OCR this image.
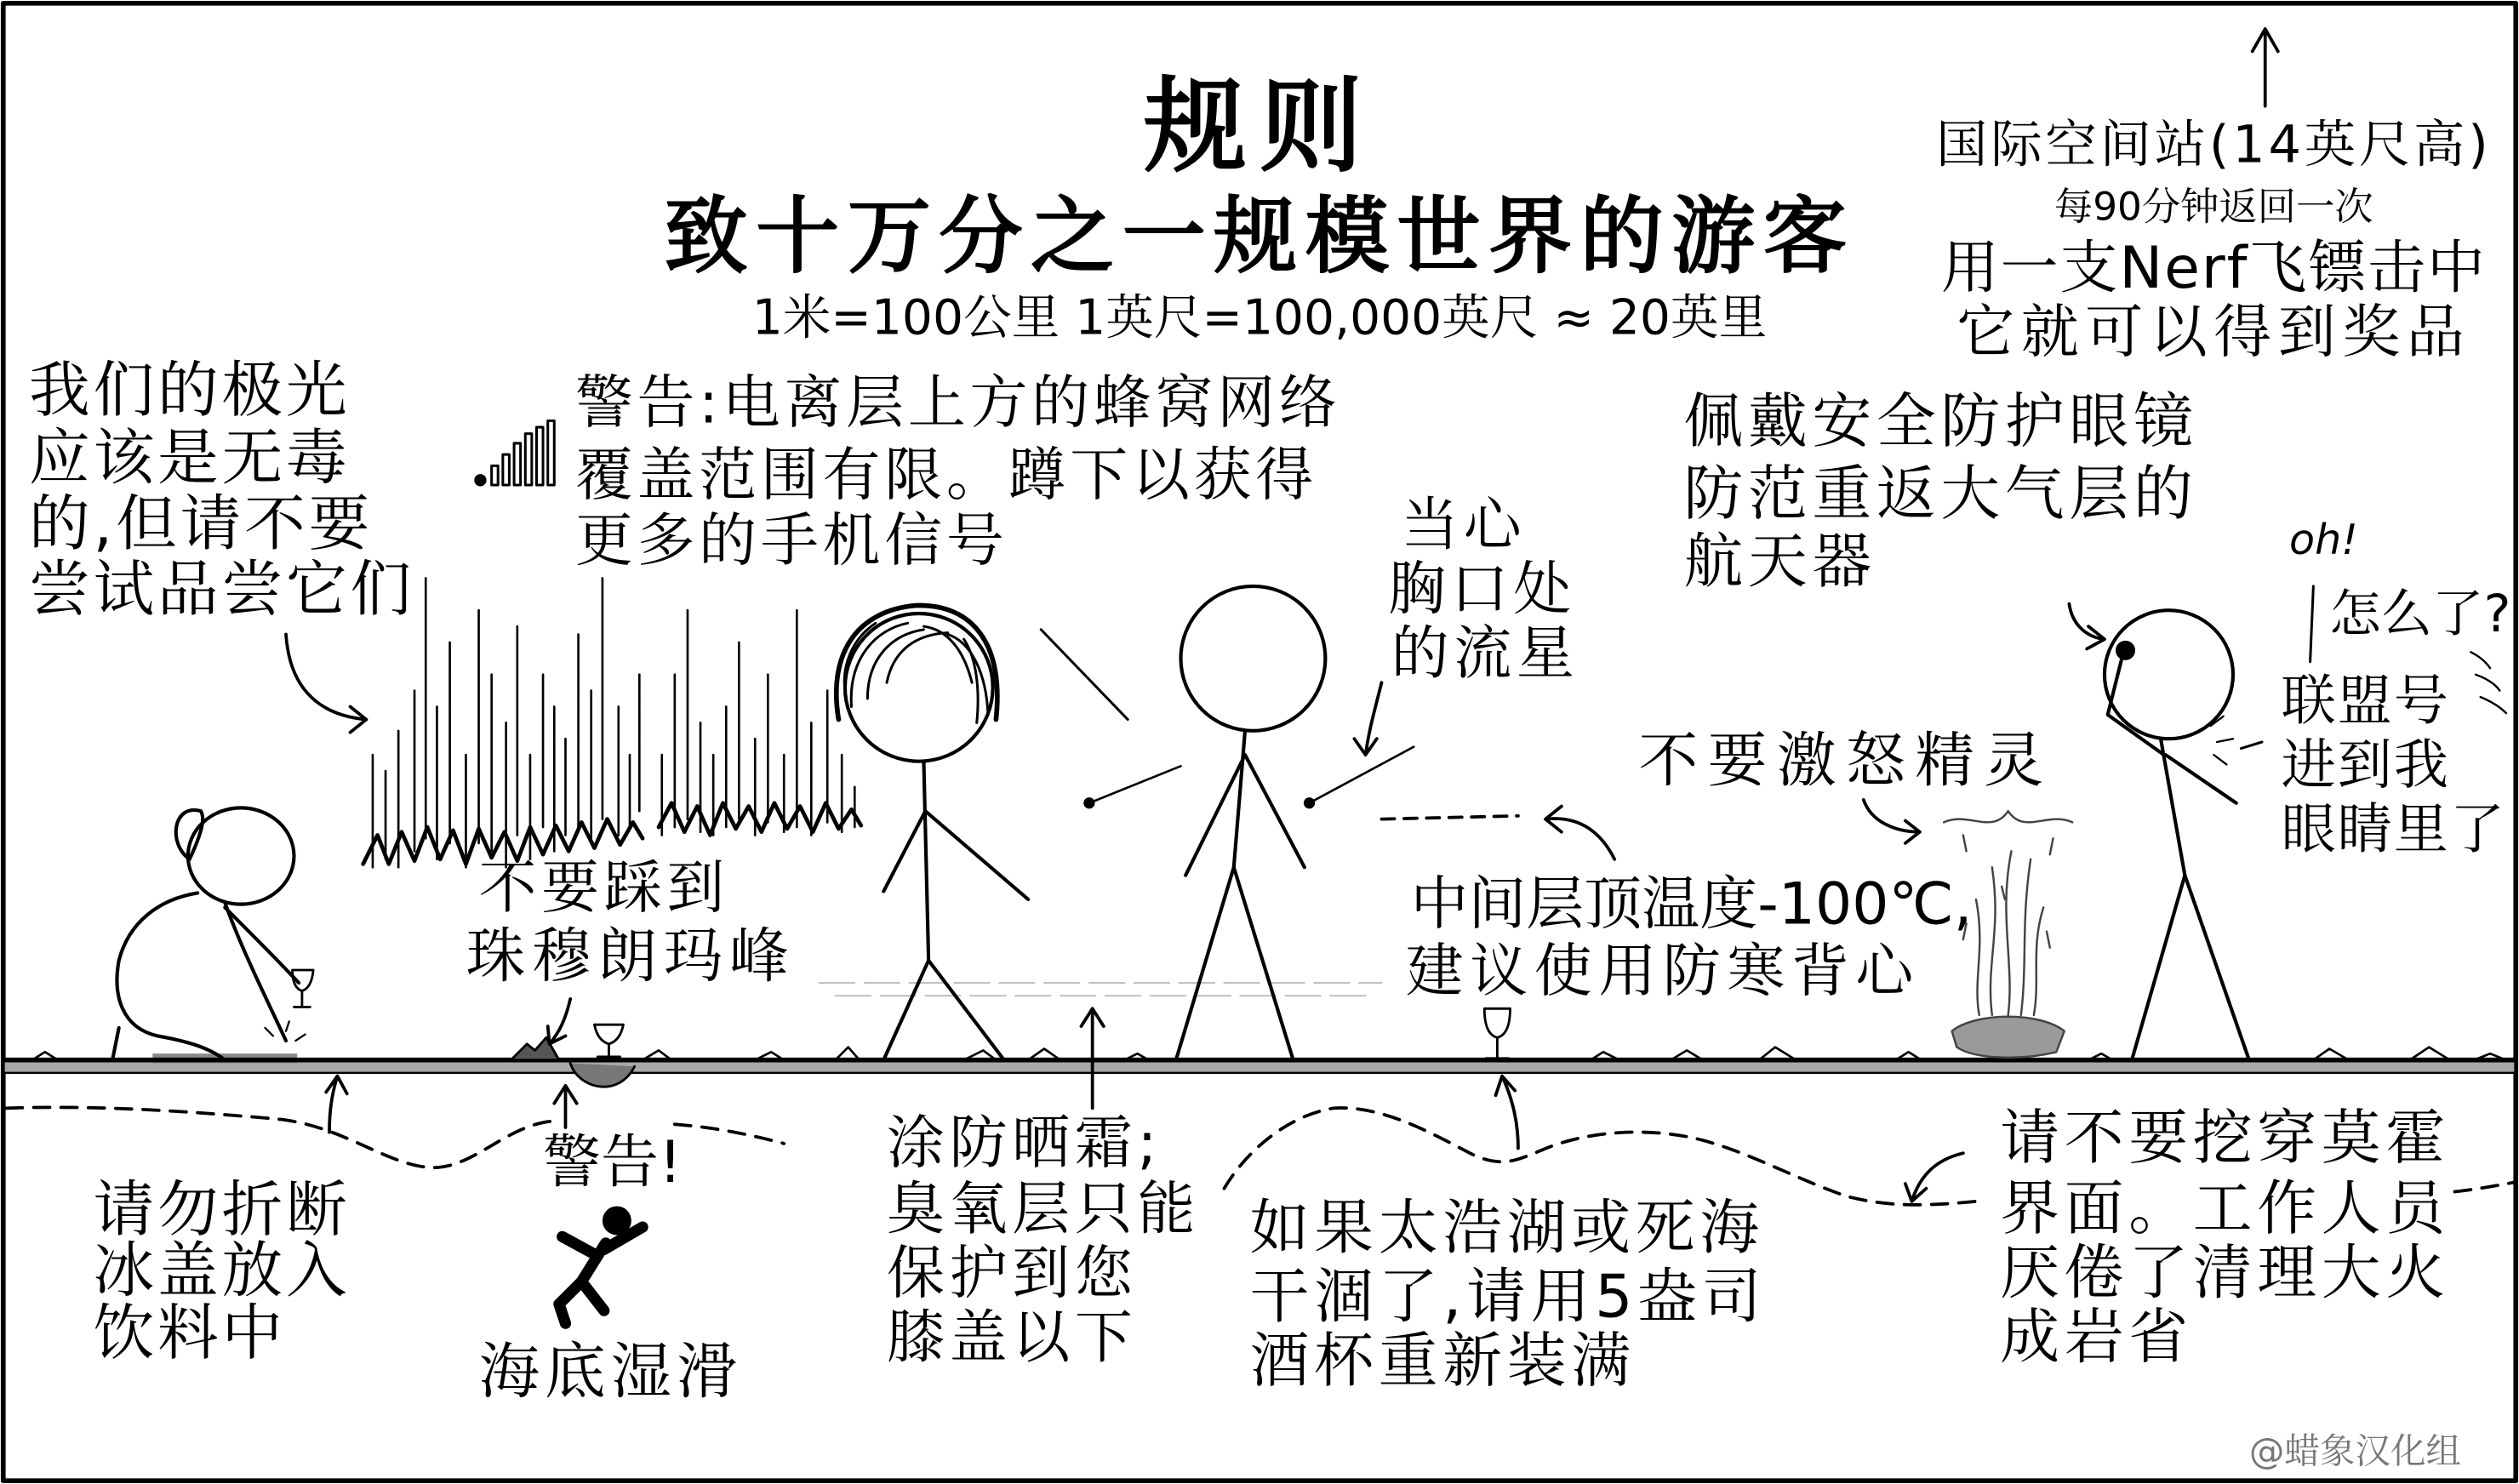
规则
致十万分之一规模世界的游客
1米=100公里 1英尺=100,000英尺 ≈ 20英里
国际空间站(14英尺高)
每90分钟返回一次
用一支Nerf飞镖击中
它就可以得到奖品
我们的极光
应该是无毒
的,但请不要
尝试品尝它们
警告:电离层上方的蜂窝网络
覆盖范围有限。蹲下以获得
更多的手机信号	当心
胸口处
的流星
佩戴安全防护眼镜
防范重返大气层的
航天器	oh!
怎么了?
联盟号
进到我
眼睛里了
不要激怒精灵
不要踩到
珠穆朗玛峰
中间层顶温度-100℃,
建议使用防寒背心
请勿折断
冰盖放入
饮料中
警告!
海底湿滑
涂防晒霜;
臭氧层只能
保护到您
膝盖以下
如果太浩湖或死海
干涸了,请用5盎司
酒杯重新装满
请不要挖穿莫霍
界面。工作人员
厌倦了清理大火
成岩省
@蜡象汉化组
